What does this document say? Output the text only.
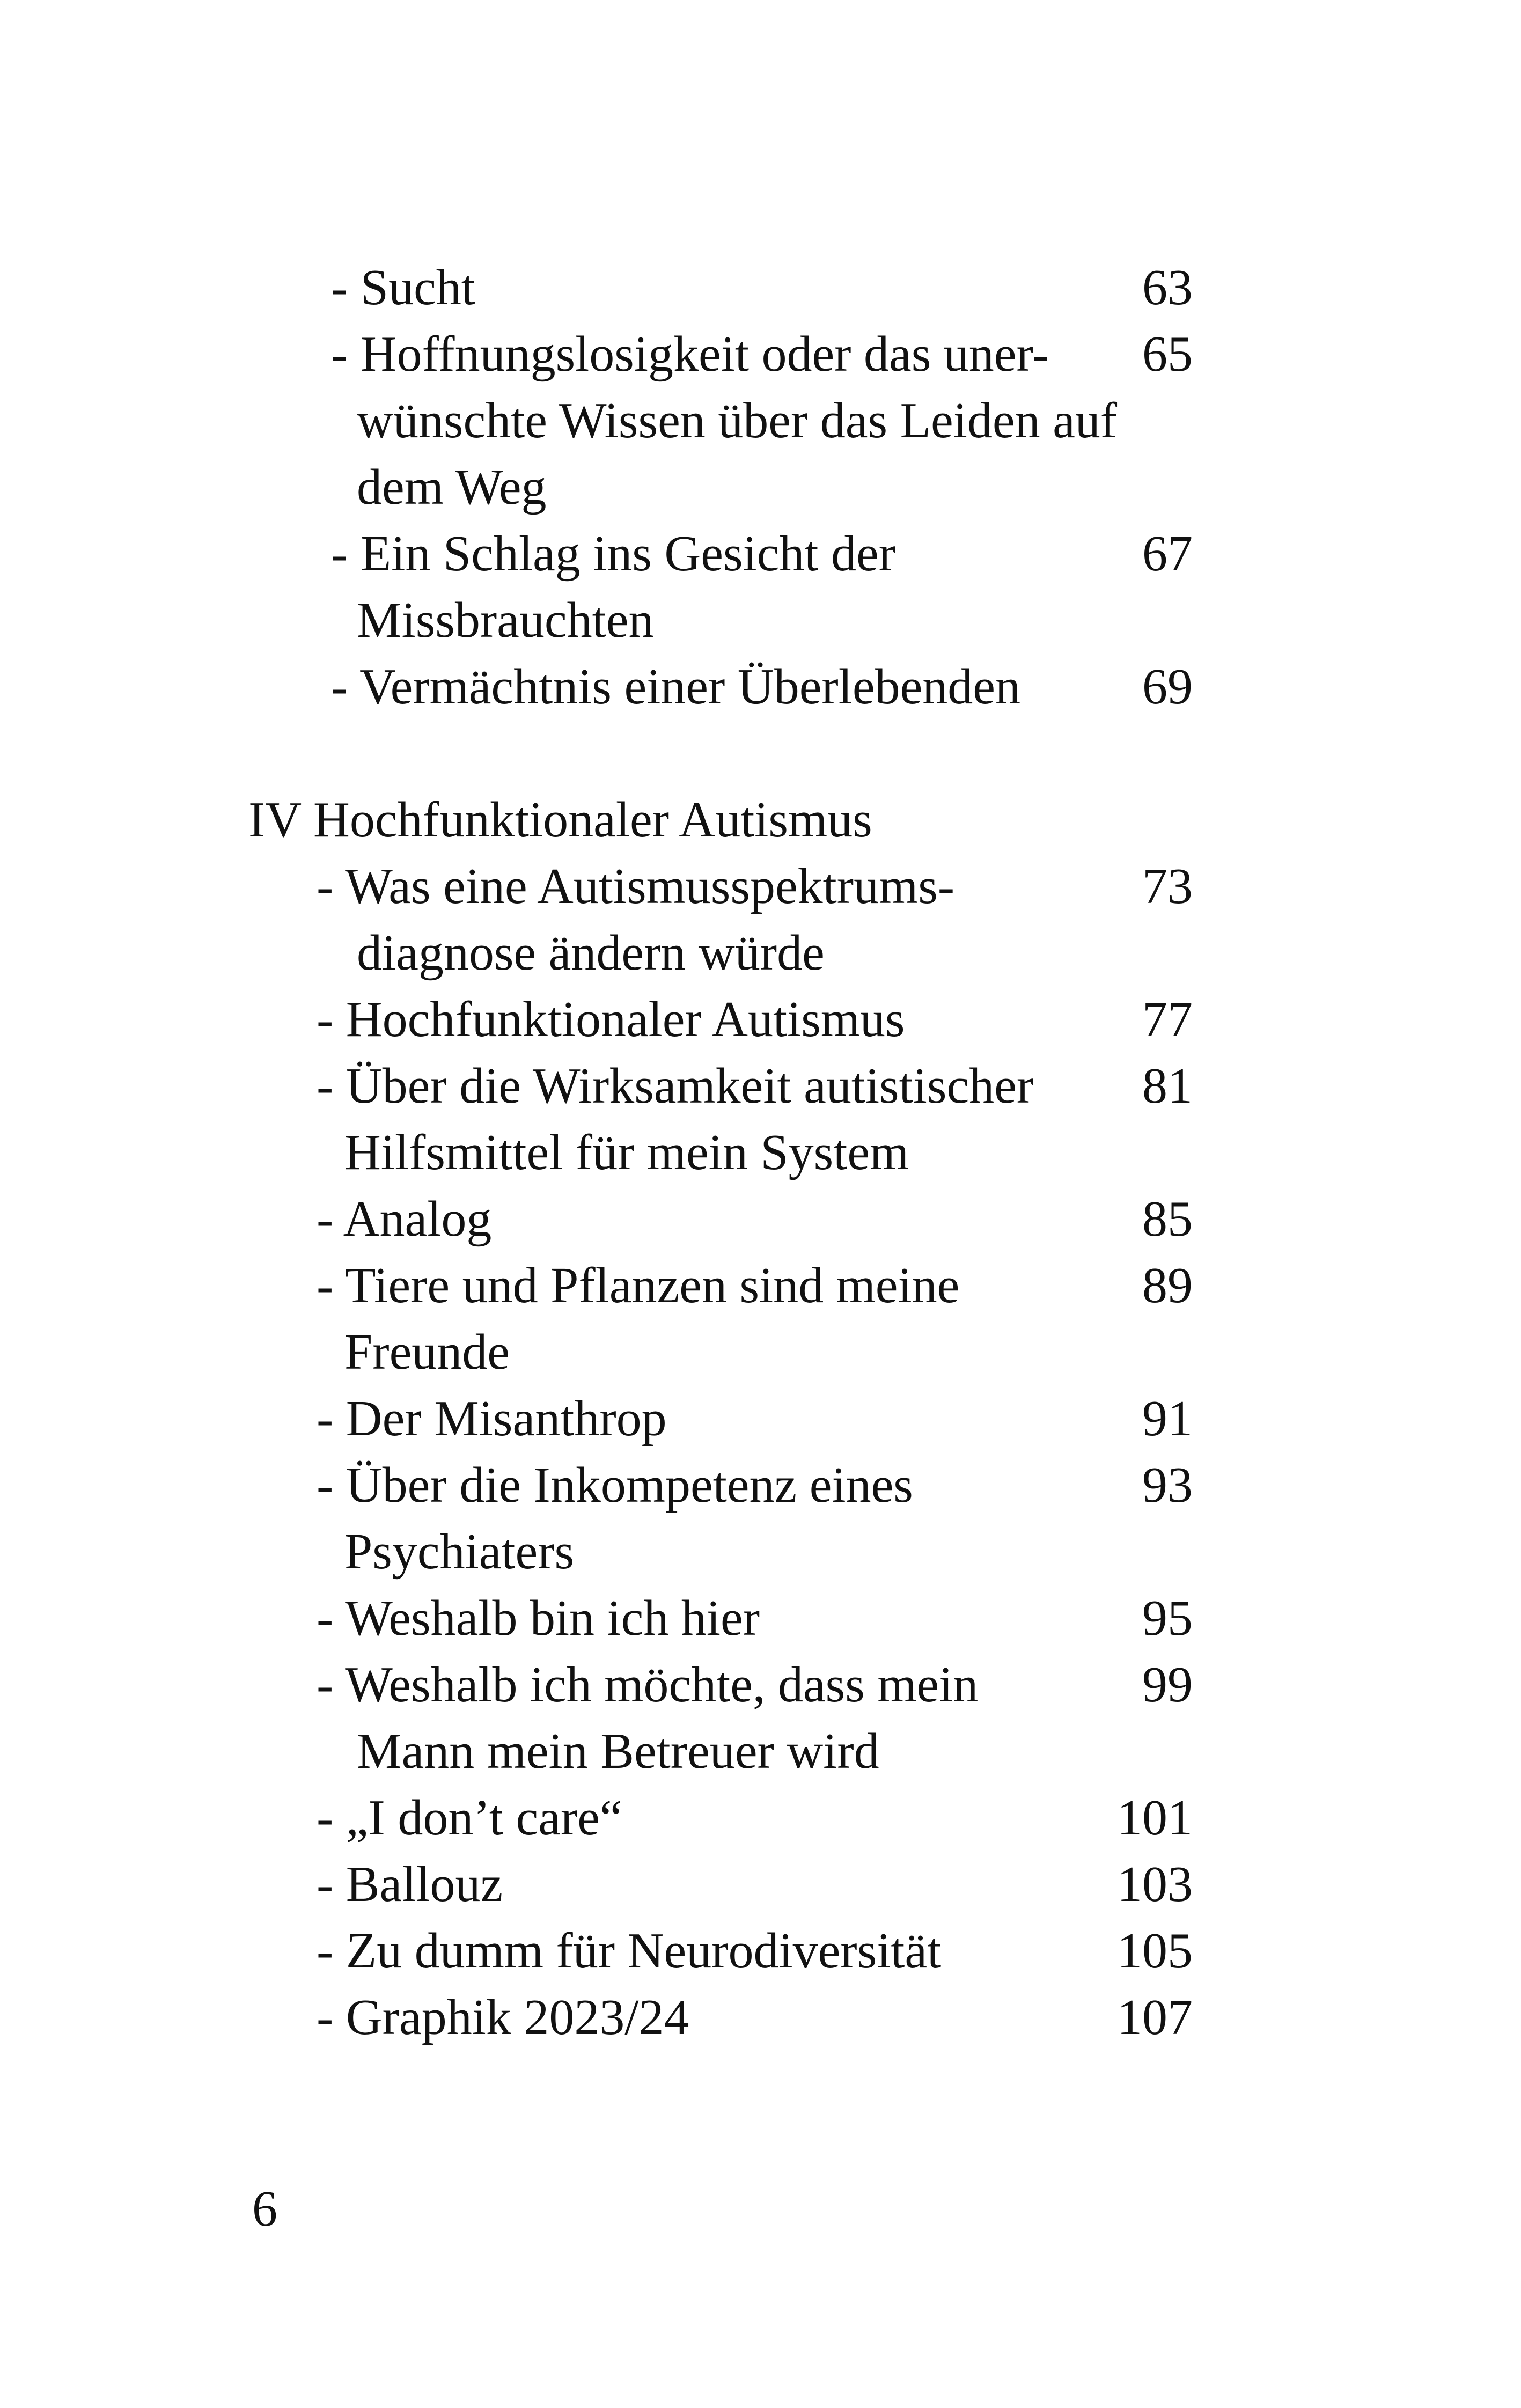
- Sucht	63
- Hoffnungslosigkeit oder das uner-	65
wünschte Wissen über das Leiden auf
dem Weg
- Ein Schlag ins Gesicht der	67
Missbrauchten
- Vermächtnis einer Überlebenden	69
IV Hochfunktionaler Autismus
- Was eine Autismusspektrums-	73
diagnose ändern würde
- Hochfunktionaler Autismus	77
- Über die Wirksamkeit autistischer	81
Hilfsmittel für mein System
- Analog	85
- Tiere und Pflanzen sind meine	89
Freunde
- Der Misanthrop	91
- Über die Inkompetenz eines	93
Psychiaters
- Weshalb bin ich hier	95
- Weshalb ich möchte, dass mein	99
Mann mein Betreuer wird
- „I don’t care“	101
- Ballouz	103
- Zu dumm für Neurodiversität	105
- Graphik 2023/24	107
6
